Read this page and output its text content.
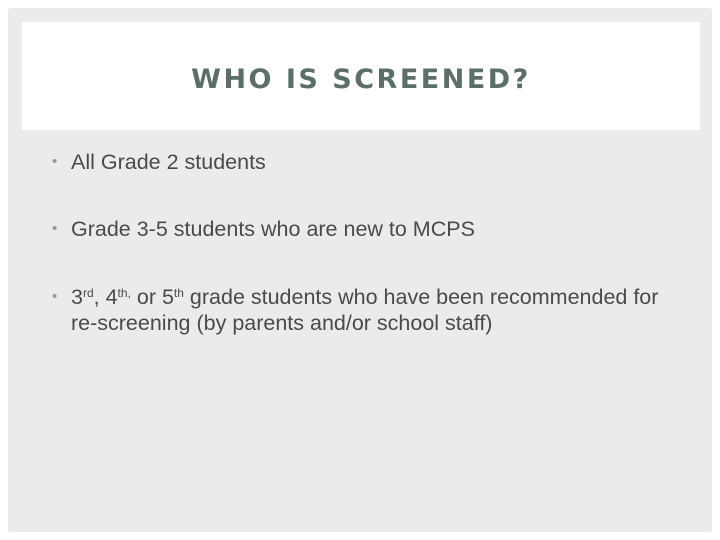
WHO IS SCREENED?
• All Grade 2 students
• Grade 3-5 students who are new to MCPS
• 3rd, $4^{th,}$ or 5th grade students who have been recommended for re-screening (by parents and/or school staff)
